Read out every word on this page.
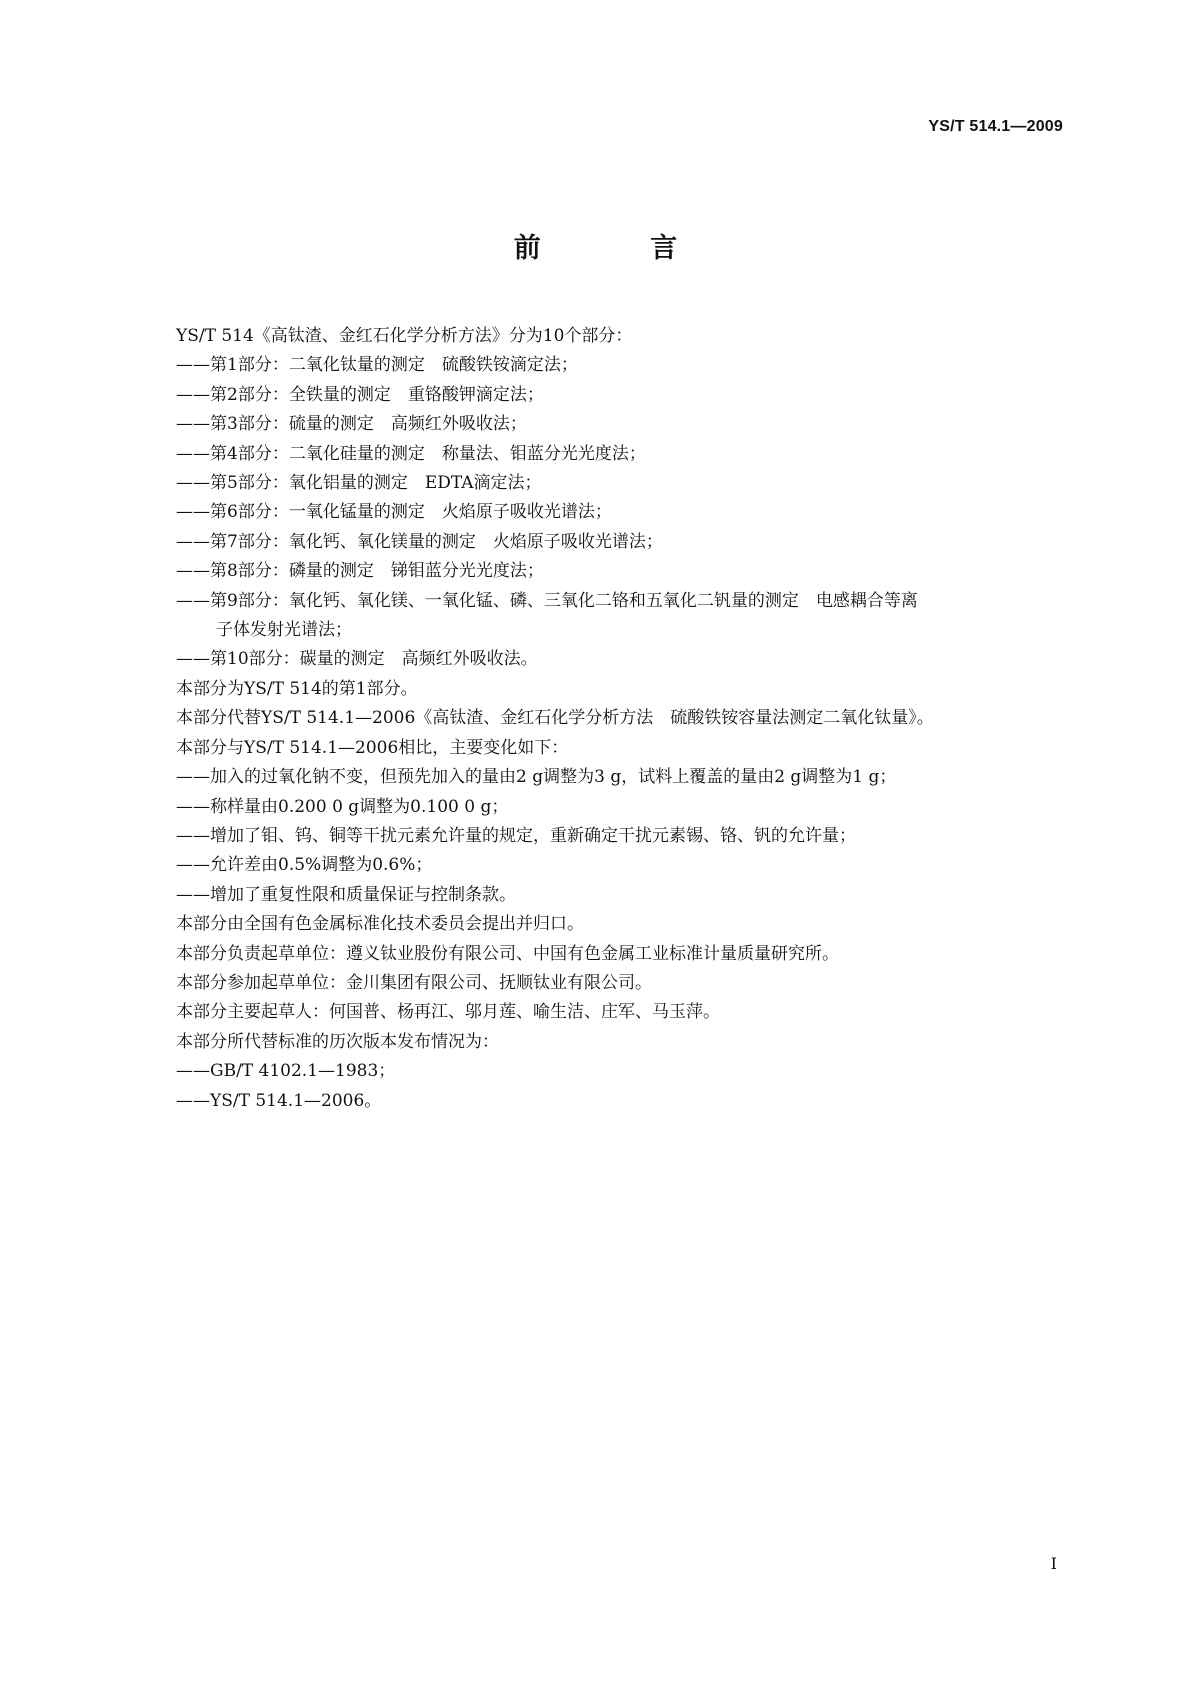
YS/T 514.1—2009
前 言

YS/T 514《高钛渣、金红石化学分析方法》分为10个部分：

——第1部分：二氧化钛量的测定　硫酸铁铵滴定法；

——第2部分：全铁量的测定　重铬酸钾滴定法；

——第3部分：硫量的测定　高频红外吸收法；

——第4部分：二氧化硅量的测定　称量法、钼蓝分光光度法；

——第5部分：氧化铝量的测定　EDTA滴定法；

——第6部分：一氧化锰量的测定　火焰原子吸收光谱法；

——第7部分：氧化钙、氧化镁量的测定　火焰原子吸收光谱法；

——第8部分：磷量的测定　锑钼蓝分光光度法；

——第9部分：氧化钙、氧化镁、一氧化锰、磷、三氧化二铬和五氧化二钒量的测定　电感耦合等离
子体发射光谱法；

——第10部分：碳量的测定　高频红外吸收法。

本部分为YS/T 514的第1部分。

本部分代替YS/T 514.1—2006《高钛渣、金红石化学分析方法　硫酸铁铵容量法测定二氧化钛量》。

本部分与YS/T 514.1—2006相比，主要变化如下：

——加入的过氧化钠不变，但预先加入的量由2 g调整为3 g，试料上覆盖的量由2 g调整为1 g；

——称样量由0.200 0 g调整为0.100 0 g；

——增加了钼、钨、铜等干扰元素允许量的规定，重新确定干扰元素锡、铬、钒的允许量；

——允许差由0.5%调整为0.6%；

——增加了重复性限和质量保证与控制条款。

本部分由全国有色金属标准化技术委员会提出并归口。

本部分负责起草单位：遵义钛业股份有限公司、中国有色金属工业标准计量质量研究所。

本部分参加起草单位：金川集团有限公司、抚顺钛业有限公司。

本部分主要起草人：何国普、杨再江、邬月莲、喻生洁、庄军、马玉萍。

本部分所代替标准的历次版本发布情况为：

——GB/T 4102.1—1983；

——YS/T 514.1—2006。

I
